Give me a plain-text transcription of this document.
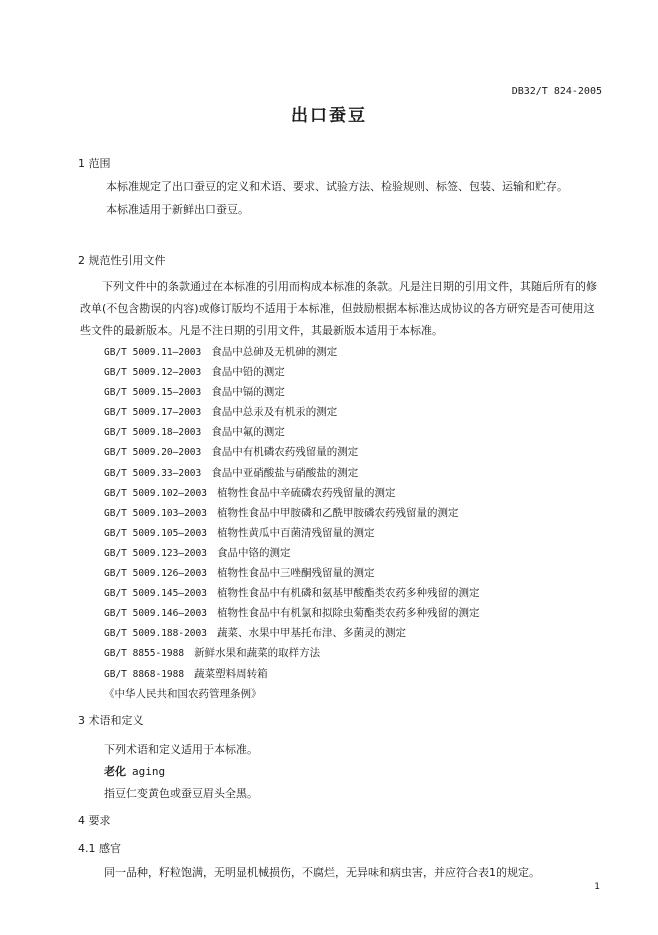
DB32/T 824-2005
出口蚕豆
1 范围
本标准规定了出口蚕豆的定义和术语、要求、试验方法、检验规则、标签、包装、运输和贮存。
本标准适用于新鲜出口蚕豆。
2 规范性引用文件
下列文件中的条款通过在本标准的引用而构成本标准的条款。凡是注日期的引用文件，其随后所有的修改单(不包含勘误的内容)或修订版均不适用于本标准，但鼓励根据本标准达成协议的各方研究是否可使用这些文件的最新版本。凡是不注日期的引用文件，其最新版本适用于本标准。
GB/T 5009.11—2003 食品中总砷及无机砷的测定
GB/T 5009.12—2003 食品中铅的测定
GB/T 5009.15—2003 食品中镉的测定
GB/T 5009.17—2003 食品中总汞及有机汞的测定
GB/T 5009.18—2003 食品中氟的测定
GB/T 5009.20—2003 食品中有机磷农药残留量的测定
GB/T 5009.33—2003 食品中亚硝酸盐与硝酸盐的测定
GB/T 5009.102—2003 植物性食品中辛硫磷农药残留量的测定
GB/T 5009.103—2003 植物性食品中甲胺磷和乙酰甲胺磷农药残留量的测定
GB/T 5009.105—2003 植物性黄瓜中百菌清残留量的测定
GB/T 5009.123—2003 食品中铬的测定
GB/T 5009.126—2003 植物性食品中三唑酮残留量的测定
GB/T 5009.145—2003 植物性食品中有机磷和氨基甲酸酯类农药多种残留的测定
GB/T 5009.146—2003 植物性食品中有机氯和拟除虫菊酯类农药多种残留的测定
GB/T 5009.188-2003 蔬菜、水果中甲基托布津、多菌灵的测定
GB/T 8855-1988 新鲜水果和蔬菜的取样方法
GB/T 8868-1988 蔬菜塑料周转箱
《中华人民共和国农药管理条例》
3 术语和定义
下列术语和定义适用于本标准。
老化 aging
指豆仁变黄色或蚕豆眉头全黑。
4 要求
4.1 感官
同一品种，籽粒饱满，无明显机械损伤，不腐烂，无异味和病虫害，并应符合表1的规定。
1
